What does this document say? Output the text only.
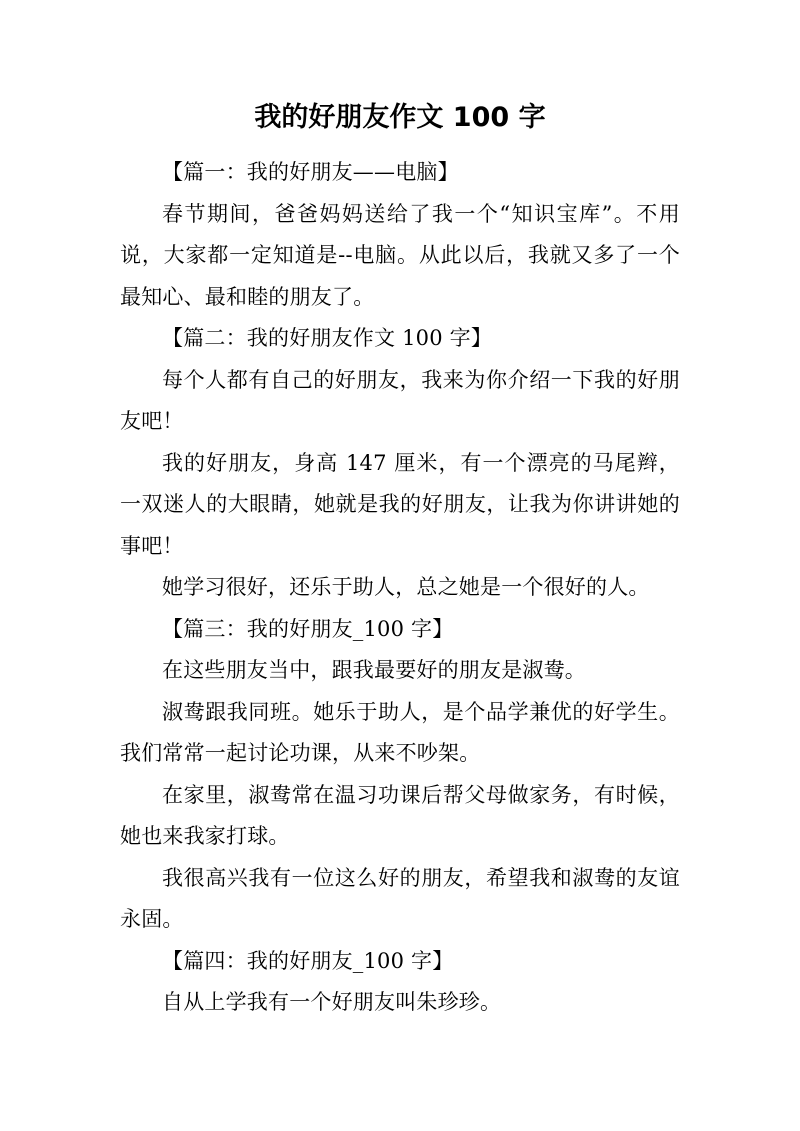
我的好朋友作文 100 字

【篇一：我的好朋友——电脑】

春节期间，爸爸妈妈送给了我一个“知识宝库”。不用说，大家都一定知道是--电脑。从此以后，我就又多了一个最知心、最和睦的朋友了。

【篇二：我的好朋友作文 100 字】

每个人都有自己的好朋友，我来为你介绍一下我的好朋友吧！

我的好朋友，身高 147 厘米，有一个漂亮的马尾辫，一双迷人的大眼睛，她就是我的好朋友，让我为你讲讲她的事吧！

她学习很好，还乐于助人，总之她是一个很好的人。

【篇三：我的好朋友_100 字】

在这些朋友当中，跟我最要好的朋友是淑鸯。

淑鸯跟我同班。她乐于助人，是个品学兼优的好学生。我们常常一起讨论功课，从来不吵架。

在家里，淑鸯常在温习功课后帮父母做家务，有时候，她也来我家打球。

我很高兴我有一位这么好的朋友，希望我和淑鸯的友谊永固。

【篇四：我的好朋友_100 字】

自从上学我有一个好朋友叫朱珍珍。
